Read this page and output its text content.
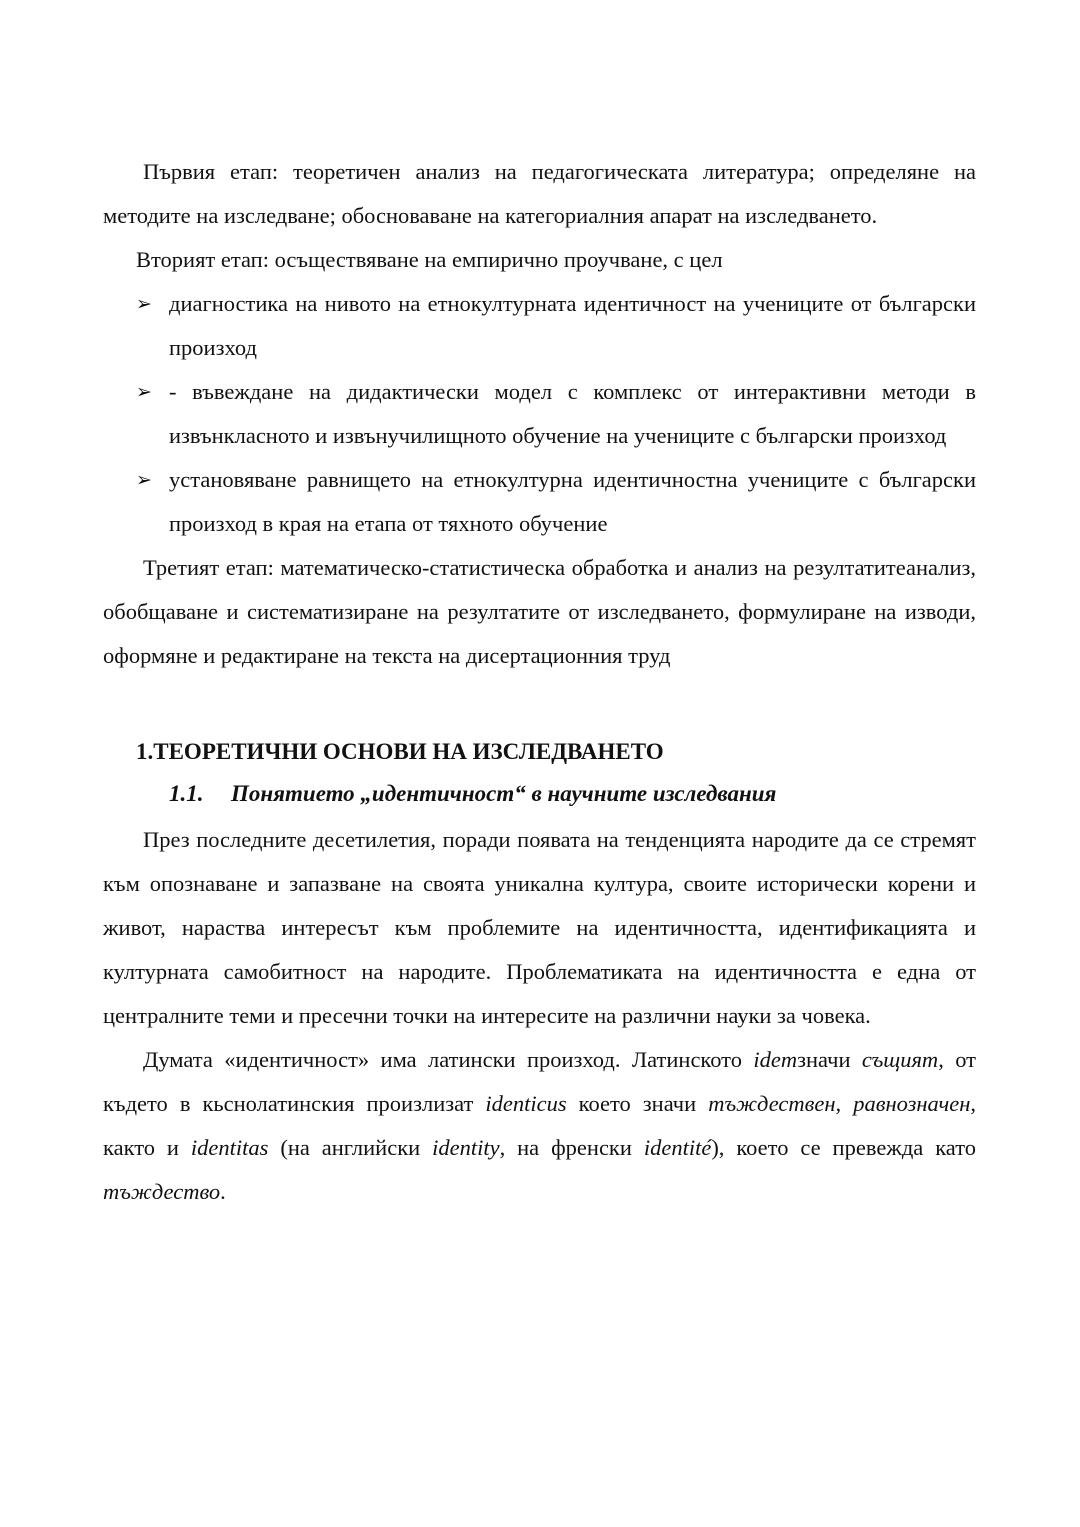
Първия етап: теоретичен анализ на педагогическата литература; определяне на методите на изследване; обосноваване на категориалния апарат на изследването.

Вторият етап: осъществяване на емпирично проучване, с цел

➢ диагностика на нивото на етнокултурната идентичност на учениците от български произход
➢ - въвеждане на дидактически модел с комплекс от интерактивни методи в извънкласното и извънучилищното обучение на учениците с български произход
➢ установяване равнището на етнокултурна идентичностна учениците с български произход в края на етапа от тяхното обучение

Третият етап: математическо-статистическа обработка и анализ на резултатитеанализ, обобщаване и систематизиране на резултатите от изследването, формулиране на изводи, оформяне и редактиране на текста на дисертационния труд

1.ТЕОРЕТИЧНИ ОСНОВИ НА ИЗСЛЕДВАНЕТО
1.1. Понятието „идентичност“ в научните изследвания

През последните десетилетия, поради появата на тенденцията народите да се стремят към опознаване и запазване на своята уникална култура, своите исторически корени и живот, нараства интересът към проблемите на идентичността, идентификацията и културната самобитност на народите. Проблематиката на идентичността е една от централните теми и пресечни точки на интересите на различни науки за човека.

Думата «идентичност» има латински произход. Латинското idemзначи същият, от където в кьснолатинския произлизат identicus което значи тъждествен, равнозначен, както и identitas (на английски identity, на френски identité), което се превежда като тъждество.
